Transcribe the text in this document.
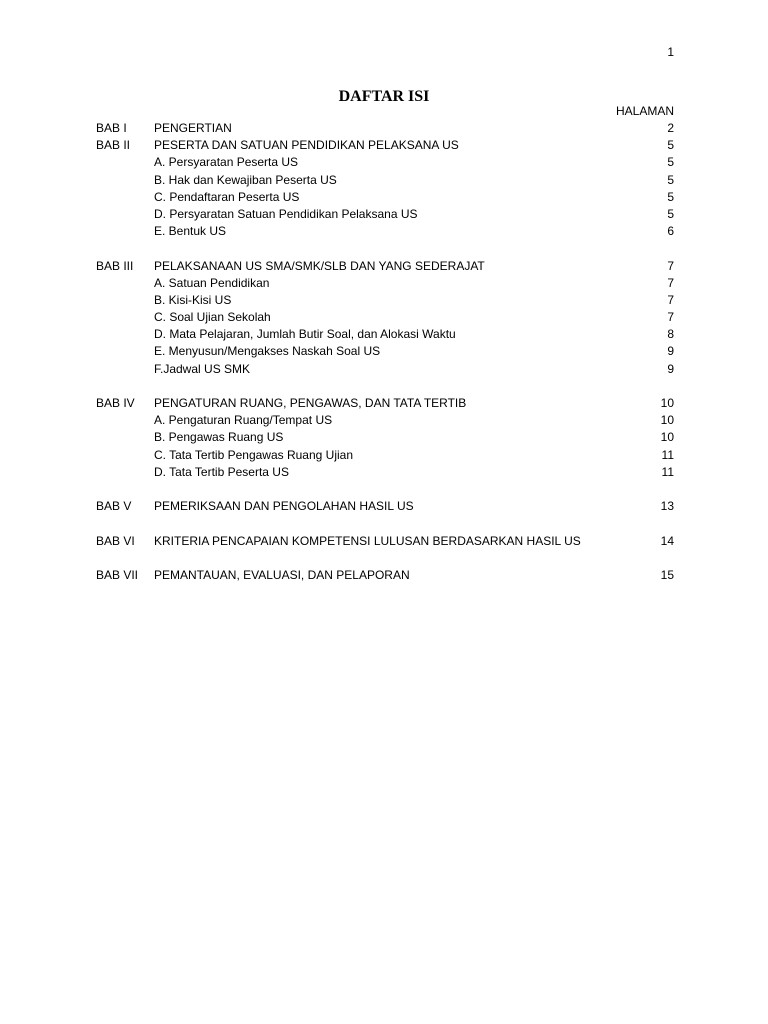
1
DAFTAR ISI
HALAMAN
BAB I	PENGERTIAN	2
BAB II	PESERTA DAN SATUAN PENDIDIKAN PELAKSANA US	5
A. Persyaratan Peserta US	5
B. Hak dan Kewajiban Peserta US	5
C. Pendaftaran Peserta US	5
D. Persyaratan Satuan Pendidikan Pelaksana US	5
E. Bentuk US	6
BAB III	PELAKSANAAN US SMA/SMK/SLB DAN YANG SEDERAJAT	7
A. Satuan Pendidikan	7
B. Kisi-Kisi US	7
C. Soal Ujian Sekolah	7
D. Mata Pelajaran, Jumlah Butir Soal, dan Alokasi Waktu	8
E. Menyusun/Mengakses Naskah Soal US	9
F.Jadwal US SMK	9
BAB IV	PENGATURAN RUANG, PENGAWAS, DAN TATA TERTIB	10
A. Pengaturan Ruang/Tempat US	10
B. Pengawas Ruang US	10
C. Tata Tertib Pengawas Ruang Ujian	11
D. Tata Tertib Peserta US	11
BAB V	PEMERIKSAAN DAN PENGOLAHAN HASIL US	13
BAB VI	KRITERIA PENCAPAIAN KOMPETENSI LULUSAN BERDASARKAN HASIL US	14
BAB VII	PEMANTAUAN, EVALUASI, DAN PELAPORAN	15
